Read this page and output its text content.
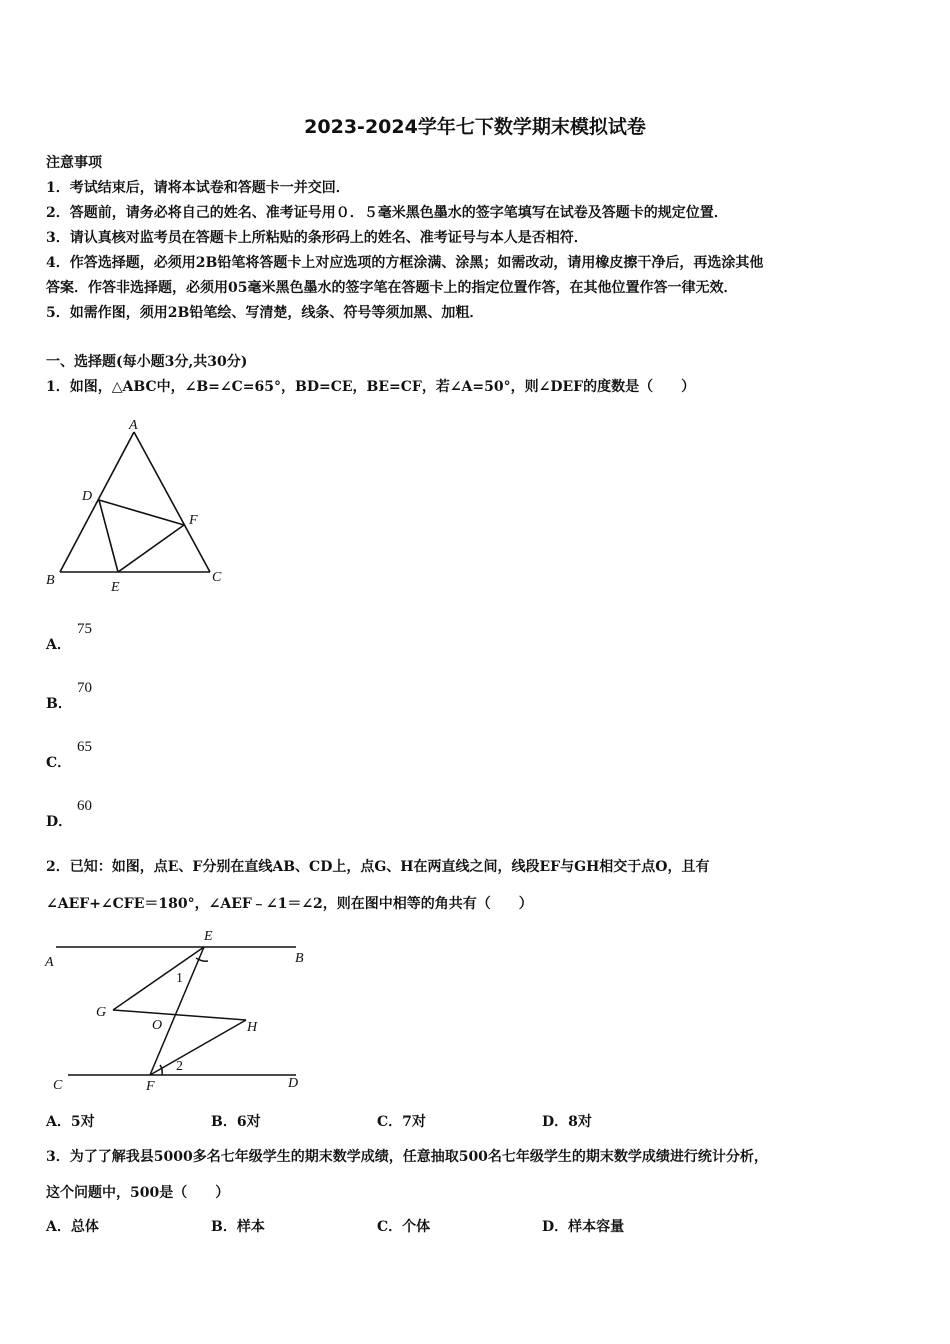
2023-2024学年七下数学期末模拟试卷
注意事项
1．考试结束后，请将本试卷和答题卡一并交回．
2．答题前，请务必将自己的姓名、准考证号用０．５毫米黑色墨水的签字笔填写在试卷及答题卡的规定位置．
3．请认真核对监考员在答题卡上所粘贴的条形码上的姓名、准考证号与本人是否相符．
4．作答选择题，必须用2B铅笔将答题卡上对应选项的方框涂满、涂黑；如需改动，请用橡皮擦干净后，再选涂其他
答案．作答非选择题，必须用05毫米黑色墨水的签字笔在答题卡上的指定位置作答，在其他位置作答一律无效．
5．如需作图，须用2B铅笔绘、写清楚，线条、符号等须加黑、加粗．
一、选择题(每小题3分,共30分)
1．如图，△ABC中，∠B=∠C=65°，BD=CE，BE=CF，若∠A=50°，则∠DEF的度数是（　　）
A
B	C
D
E
F
A．
75
B．
70
C．
65
D．
60
2．已知：如图，点E、F分别在直线AB、CD上，点G、H在两直线之间，线段EF与GH相交于点O，且有
∠AEF+∠CFE＝180°，∠AEF﹣∠1＝∠2，则在图中相等的角共有（　　）
E
A	B
G
O	H
1
2
C	F	D
A．5对	B．6对	C．7对	D．8对
3．为了了解我县5000多名七年级学生的期末数学成绩，任意抽取500名七年级学生的期末数学成绩进行统计分析，
这个问题中，500是（　　）
A．总体	B．样本	C．个体	D．样本容量
